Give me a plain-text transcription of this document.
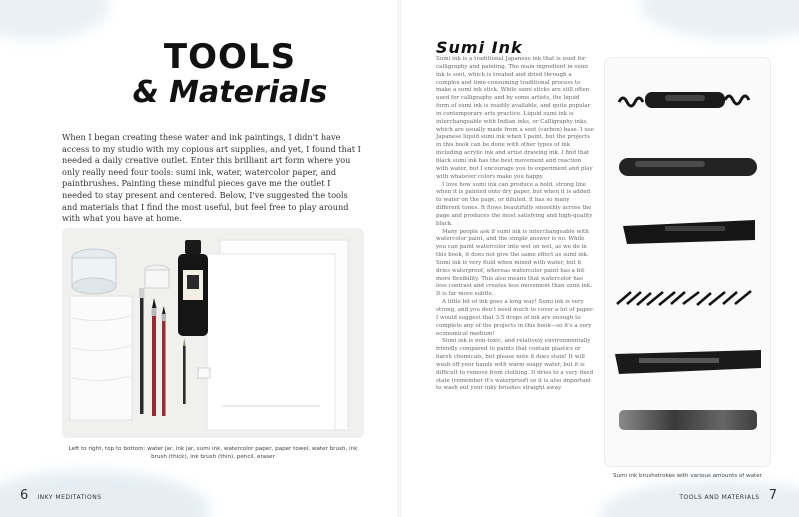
TOOLS
& Materials
When I began creating these water and ink paintings, I didn't have access to my studio with my copious art supplies, and yet, I found that I needed a daily creative outlet. Enter this brilliant art form where you only really need four tools: sumi ink, water, watercolor paper, and paintbrushes. Painting these mindful pieces gave me the outlet I needed to stay present and centered. Below, I've suggested the tools and materials that I find the most useful, but feel free to play around with what you have at home.
Left to right, top to bottom: water jar, ink jar, sumi ink, watercolor paper, paper towel, water brush, ink brush (thick), ink brush (thin), pencil, eraser
6 INKY MEDITATIONS
Sumi Ink

Sumi ink is a traditional Japanese ink that is used for calligraphy and painting. The main ingredient in sumi ink is soot, which is treated and dried through a complex and time-consuming traditional process to make a sumi ink stick. While sumi sticks are still often used for calligraphy and by some artists, the liquid form of sumi ink is readily available, and quite popular in contemporary arts practice. Liquid sumi ink is interchangeable with Indian inks, or Calligraphy inks, which are usually made from a soot (carbon) base. I use Japanese liquid sumi ink when I paint, but the projects in this book can be done with other types of ink including acrylic ink and artist drawing ink. I find that black sumi ink has the best movement and reaction with water, but I encourage you to experiment and play with whatever colors make you happy.

I love how sumi ink can produce a bold, strong line when it is painted onto dry paper, but when it is added to water on the page, or diluted, it has so many different tones. It flows beautifully smoothly across the page and produces the most satisfying and high-quality black.

Many people ask if sumi ink is interchangeable with watercolor paint, and the simple answer is no. While you can paint watercolor into wet on wet, as we do in this book, it does not give the same effect as sumi ink. Sumi ink is very fluid when mixed with water, but it dries waterproof, whereas watercolor paint has a bit more flexibility. This also means that watercolor has less contrast and creates less movement than sumi ink. It is far more subtle.

A little bit of ink goes a long way! Sumi ink is very strong, and you don't need much to cover a lot of paper. I would suggest that 3-5 drops of ink are enough to complete any of the projects in this book—so it's a very economical medium!

Sumi ink is non-toxic, and relatively environmentally friendly compared to paints that contain plastics or harsh chemicals, but please note it does stain! It will wash off your hands with warm soapy water, but it is difficult to remove from clothing. It dries to a very fixed state (remember it's waterproof) so it is also important to wash out your inky brushes straight away.

Sumi ink brushstrokes with various amounts of water
TOOLS AND MATERIALS 7
